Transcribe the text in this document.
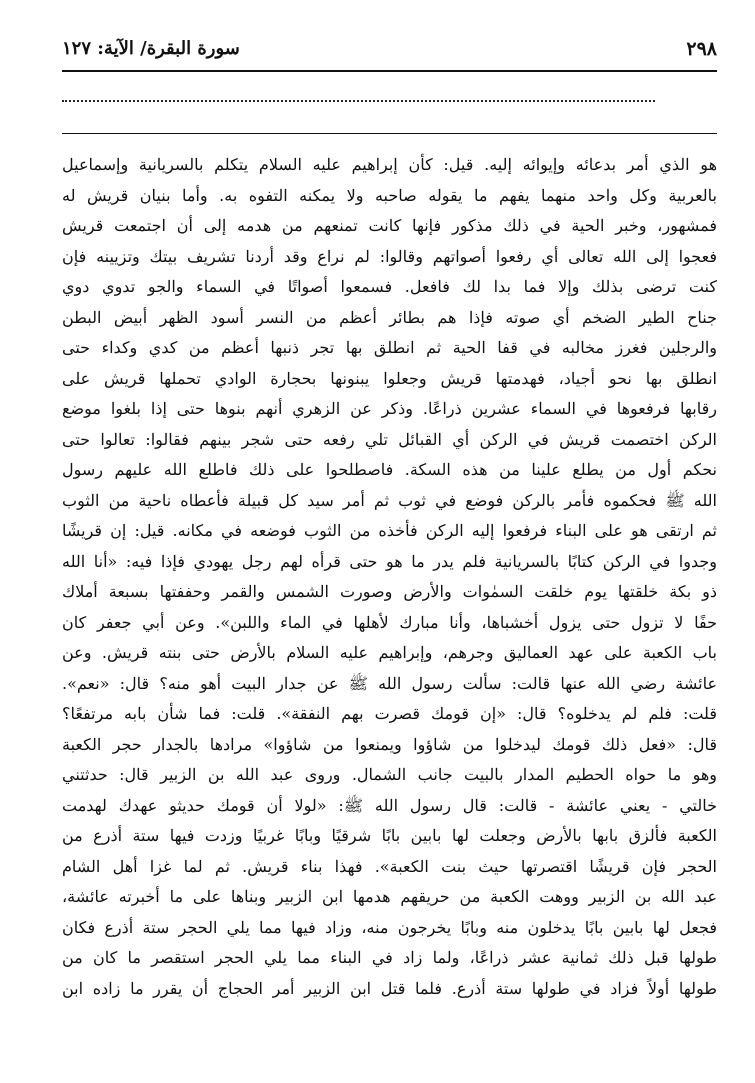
٢٩٨
سورة البقرة/ الآية: ١٢٧
هو الذي أمر بدعائه وإيوائه إليه. قيل: كأن إبراهيم عليه السلام يتكلم بالسريانية وإسماعيل
بالعربية وكل واحد منهما يفهم ما يقوله صاحبه ولا يمكنه التفوه به. وأما بنيان قريش له
فمشهور، وخبر الحية في ذلك مذكور فإنها كانت تمنعهم من هدمه إلى أن اجتمعت قريش
فعجوا إلى الله تعالى أي رفعوا أصواتهم وقالوا: لم نراع وقد أردنا تشريف بيتك وتزيينه فإن
كنت ترضى بذلك وإلا فما بدا لك فافعل. فسمعوا أصواتًا في السماء والجو تدوي دوي
جناح الطير الضخم أي صوته فإذا هم بطائر أعظم من النسر أسود الظهر أبيض البطن
والرجلين فغرز مخالبه في قفا الحية ثم انطلق بها تجر ذنبها أعظم من كدي وكداء حتى
انطلق بها نحو أجياد، فهدمتها قريش وجعلوا يبنونها بحجارة الوادي تحملها قريش على
رقابها فرفعوها في السماء عشرين ذراعًا. وذكر عن الزهري أنهم بنوها حتى إذا بلغوا موضع
الركن اختصمت قريش في الركن أي القبائل تلي رفعه حتى شجر بينهم فقالوا: تعالوا حتى
نحكم أول من يطلع علينا من هذه السكة. فاصطلحوا على ذلك فاطلع الله عليهم رسول
الله ﷺ فحكموه فأمر بالركن فوضع في ثوب ثم أمر سيد كل قبيلة فأعطاه ناحية من الثوب
ثم ارتقى هو على البناء فرفعوا إليه الركن فأخذه من الثوب فوضعه في مكانه. قيل: إن قريشًا
وجدوا في الركن كتابًا بالسريانية فلم يدر ما هو حتى قرأه لهم رجل يهودي فإذا فيه: «أنا الله
ذو بكة خلقتها يوم خلقت السمٰوات والأرض وصورت الشمس والقمر وحففتها بسبعة أملاك
حفًا لا تزول حتى يزول أخشباها، وأنا مبارك لأهلها في الماء واللبن». وعن أبي جعفر كان
باب الكعبة على عهد العماليق وجرهم، وإبراهيم عليه السلام بالأرض حتى بنته قريش. وعن
عائشة رضي الله عنها قالت: سألت رسول الله ﷺ عن جدار البيت أهو منه؟ قال: «نعم».
قلت: فلم لم يدخلوه؟ قال: «إن قومك قصرت بهم النفقة». قلت: فما شأن بابه مرتفعًا؟
قال: «فعل ذلك قومك ليدخلوا من شاؤوا ويمنعوا من شاؤوا» مرادها بالجدار حجر الكعبة
وهو ما حواه الحطيم المدار بالبيت جانب الشمال. وروى عبد الله بن الزبير قال: حدثتني
خالتي - يعني عائشة - قالت: قال رسول الله ﷺ: «لولا أن قومك حديثو عهدك لهدمت
الكعبة فألزق بابها بالأرض وجعلت لها بابين بابًا شرقيًا وبابًا غربيًا وزدت فيها ستة أذرع من
الحجر فإن قريشًا اقتصرتها حيث بنت الكعبة». فهذا بناء قريش. ثم لما غزا أهل الشام
عبد الله بن الزبير ووهت الكعبة من حريقهم هدمها ابن الزبير وبناها على ما أخبرته عائشة،
فجعل لها بابين بابًا يدخلون منه وبابًا يخرجون منه، وزاد فيها مما يلي الحجر ستة أذرع فكان
طولها قبل ذلك ثمانية عشر ذراعًا، ولما زاد في البناء مما يلي الحجر استقصر ما كان من
طولها أولاً فزاد في طولها ستة أذرع. فلما قتل ابن الزبير أمر الحجاج أن يقرر ما زاده ابن
